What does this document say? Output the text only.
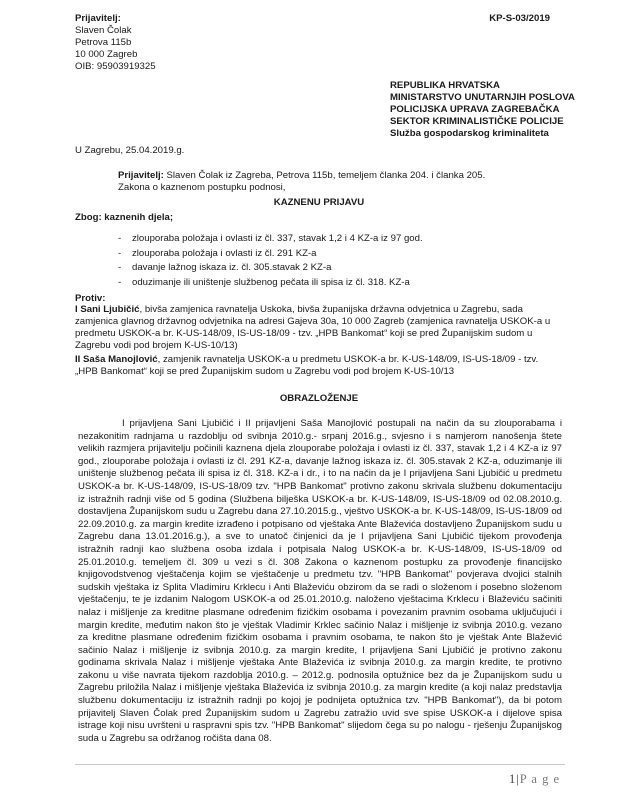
Prijavitelj:
Slaven Čolak
Petrova 115b
10 000 Zagreb
OIB: 95903919325
KP-S-03/2019
REPUBLIKA HRVATSKA
MINISTARSTVO UNUTARNJIH POSLOVA
POLICIJSKA UPRAVA ZAGREBAČKA
SEKTOR KRIMINALISTIČKE POLICIJE
Služba gospodarskog kriminaliteta
U Zagrebu, 25.04.2019.g.
Prijavitelj: Slaven Čolak iz Zagreba, Petrova 115b, temeljem članka 204. i članka 205. Zakona o kaznenom postupku podnosi,
KAZNENU PRIJAVU
Zbog: kaznenih djela;
- zlouporaba položaja i ovlasti iz čl. 337, stavak 1,2 i 4 KZ-a iz 97 god.
- zlouporaba položaja i ovlasti iz čl. 291 KZ-a
- davanje lažnog iskaza iz. čl. 305.stavak 2 KZ-a
- oduzimanje ili uništenje službenog pečata ili spisa iz čl. 318. KZ-a
Protiv:
I Sani Ljubičić, bivša zamjenica ravnatelja Uskoka, bivša županijska državna odvjetnica u Zagrebu, sada zamjenica glavnog državnog odvjetnika na adresi Gajeva 30a, 10 000 Zagreb (zamjenica ravnatelja USKOK-a u predmetu USKOK-a br. K-US-148/09, IS-US-18/09 - tzv. „HPB Bankomat“ koji se pred Županijskim sudom u Zagrebu vodi pod brojem K-US-10/13)
II Saša Manojlović, zamjenik ravnatelja USKOK-a u predmetu USKOK-a br. K-US-148/09, IS-US-18/09 - tzv. „HPB Bankomat“ koji se pred Županijskim sudom u Zagrebu vodi pod brojem K-US-10/13
OBRAZLOŽENJE

I prijavljena Sani Ljubičić i II prijavljeni Saša Manojlović postupali na način da su zlouporabama i nezakonitim radnjama u razdoblju od svibnja 2010.g.- srpanj 2016.g., svjesno i s namjerom nanošenja štete velikih razmjera prijavitelju počinili kaznena djela zlouporabe položaja i ovlasti iz čl. 337, stavak 1,2 i 4 KZ-a iz 97 god., zlouporabe položaja i ovlasti iz čl. 291 KZ-a, davanje lažnog iskaza iz. čl. 305.stavak 2 KZ-a, oduzimanje ili uništenje službenog pečata ili spisa iz čl. 318. KZ-a i dr., i to na način da je I prijavljena Sani Ljubičić u predmetu USKOK-a br. K-US-148/09, IS-US-18/09 tzv. "HPB Bankomat" protivno zakonu skrivala službenu dokumentaciju iz istražnih radnji više od 5 godina (Službena bilješka USKOK-a br. K-US-148/09, IS-US-18/09 od 02.08.2010.g. dostavljena Županijskom sudu u Zagrebu dana 27.10.2015.g., vještvo USKOK-a br. K-US-148/09, IS-US-18/09 od 22.09.2010.g. za margin kredite izrađeno i potpisano od vještaka Ante Blaževića dostavljeno Županijskom sudu u Zagrebu dana 13.01.2016.g.), a sve to unatoč činjenici da je I prijavljena Sani Ljubičić tijekom provođenja istražnih radnji kao službena osoba izdala i potpisala Nalog USKOK-a br. K-US-148/09, IS-US-18/09 od 25.01.2010.g. temeljem čl. 309 u vezi s čl. 308 Zakona o kaznenom postupku za provođenje financijsko knjigovodstvenog vještačenja kojim se vještačenje u predmetu tzv. "HPB Bankomat" povjerava dvojici stalnih sudskih vještaka iz Splita Vladimiru Krklecu i Anti Blaževiću obzirom da se radi o složenom i posebno složenom vještačenju, te je izdanim Nalogom USKOK-a od 25.01.2010.g. naloženo vještacima Krklecu i Blaževiću sačiniti nalaz i mišljenje za kreditne plasmane određenim fizičkim osobama i povezanim pravnim osobama uključujući i margin kredite, međutim nakon što je vještak Vladimir Krklec sačinio Nalaz i mišljenje iz svibnja 2010.g. vezano za kreditne plasmane određenim fizičkim osobama i pravnim osobama, te nakon što je vještak Ante Blažević sačinio Nalaz i mišljenje iz svibnja 2010.g. za margin kredite, I prijavljena Sani Ljubičić je protivno zakonu godinama skrivala Nalaz i mišljenje vještaka Ante Blaževića iz svibnja 2010.g. za margin kredite, te protivno zakonu u više navrata tijekom razdoblja 2010.g. – 2012.g. podnosila optužnice bez da je Županijskom sudu u Zagrebu priložila Nalaz i mišljenje vještaka Blaževića iz svibnja 2010.g. za margin kredite (a koji nalaz predstavlja službenu dokumentaciju iz istražnih radnji po kojoj je podnijeta optužnica tzv. "HPB Bankomat"), da bi potom prijavitelj Slaven Čolak pred Županijskim sudom u Zagrebu zatražio uvid sve spise USKOK-a i dijelove spisa istrage koji nisu uvršteni u raspravni spis tzv. "HPB Bankomat" slijedom čega su po nalogu - rješenju Županijskog suda u Zagrebu sa održanog ročišta dana 08.

1|P a g e
